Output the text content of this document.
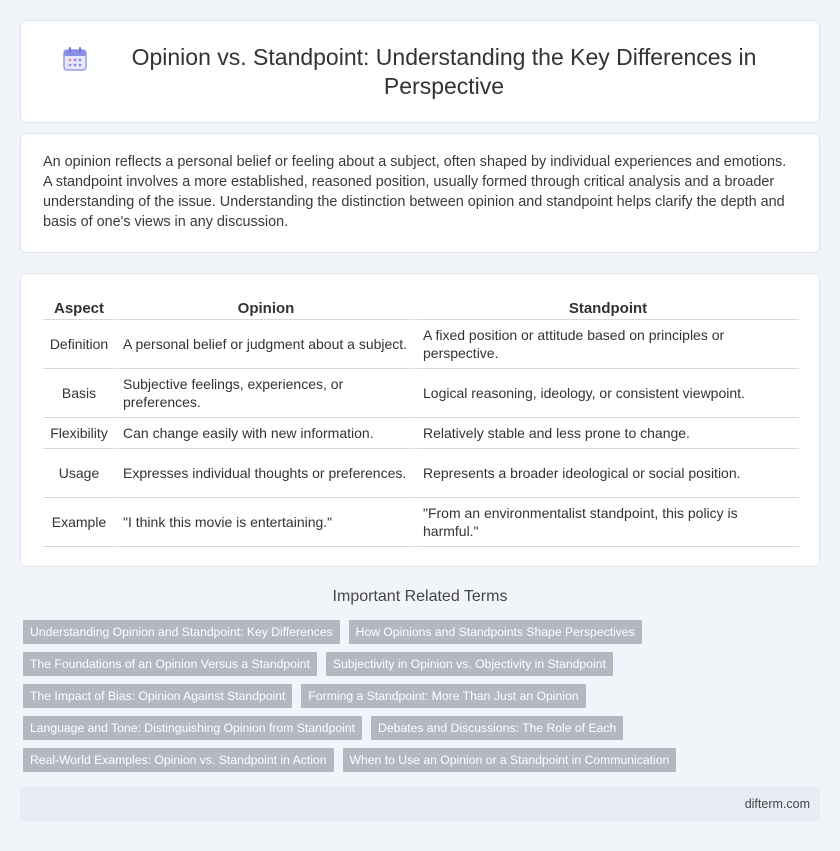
Opinion vs. Standpoint: Understanding the Key Differences in Perspective

An opinion reflects a personal belief or feeling about a subject, often shaped by individual experiences and emotions. A standpoint involves a more established, reasoned position, usually formed through critical analysis and a broader understanding of the issue. Understanding the distinction between opinion and standpoint helps clarify the depth and basis of one's views in any discussion.

Aspect	Opinion	Standpoint
Definition	A personal belief or judgment about a subject.	A fixed position or attitude based on principles or perspective.
Basis	Subjective feelings, experiences, or preferences.	Logical reasoning, ideology, or consistent viewpoint.
Flexibility	Can change easily with new information.	Relatively stable and less prone to change.
Usage	Expresses individual thoughts or preferences.	Represents a broader ideological or social position.
Example	"I think this movie is entertaining."	"From an environmentalist standpoint, this policy is harmful."
Important Related Terms
Understanding Opinion and Standpoint: Key Differences	How Opinions and Standpoints Shape Perspectives
The Foundations of an Opinion Versus a Standpoint	Subjectivity in Opinion vs. Objectivity in Standpoint
The Impact of Bias: Opinion Against Standpoint	Forming a Standpoint: More Than Just an Opinion
Language and Tone: Distinguishing Opinion from Standpoint	Debates and Discussions: The Role of Each
Real-World Examples: Opinion vs. Standpoint in Action	When to Use an Opinion or a Standpoint in Communication
difterm.com
